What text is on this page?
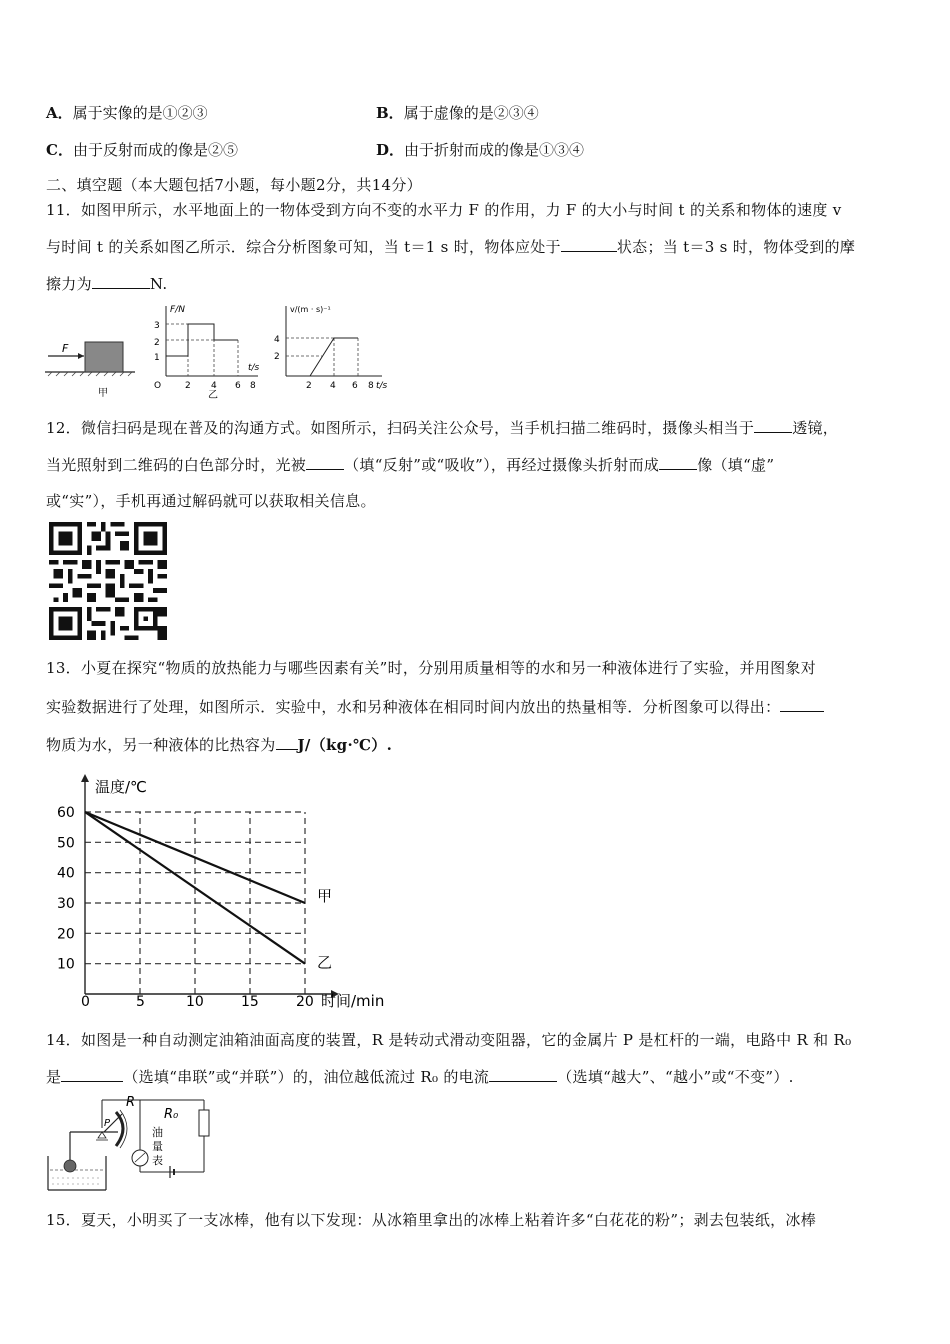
A．属于实像的是①②③	B．属于虚像的是②③④
C．由于反射而成的像是②⑤	D．由于折射而成的像是①③④
二、填空题（本大题包括7小题，每小题2分，共14分）
11．如图甲所示，水平地面上的一物体受到方向不变的水平力 F 的作用，力 F 的大小与时间 t 的关系和物体的速度 v
与时间 t 的关系如图乙所示．综合分析图象可知，当 t＝1 s 时，物体应处于	状态；当 t＝3 s 时，物体受到的摩
擦力为	N.
F
甲
F/N
t/s
3
2
1
O	2 4 6 8
乙
v/(m · s)⁻¹
4
2
2 4 6 8 t/s
12．微信扫码是现在普及的沟通方式。如图所示，扫码关注公众号，当手机扫描二维码时，摄像头相当于	透镜，
当光照射到二维码的白色部分时，光被	（填“反射”或“吸收”），再经过摄像头折射而成	像（填“虚”
或“实”），手机再通过解码就可以获取相关信息。
13．小夏在探究“物质的放热能力与哪些因素有关”时，分别用质量相等的水和另一种液体进行了实验，并用图象对
实验数据进行了处理，如图所示．实验中，水和另种液体在相同时间内放出的热量相等．分析图象可以得出：
物质为水，另一种液体的比热容为 J/（kg·℃）.
温度/℃
时间/min
10
20
30
40
50
60
0	5	10	15	20
甲
乙
14．如图是一种自动测定油箱油面高度的装置，R 是转动式滑动变阻器，它的金属片 P 是杠杆的一端，电路中 R 和 R₀
是	（选填“串联”或“并联”）的，油位越低流过 R₀ 的电流	（选填“越大”、“越小”或“不变”）.
P
R
R₀
油 量 表
15．夏天，小明买了一支冰棒，他有以下发现：从冰箱里拿出的冰棒上粘着许多“白花花的粉”；剥去包装纸，冰棒
